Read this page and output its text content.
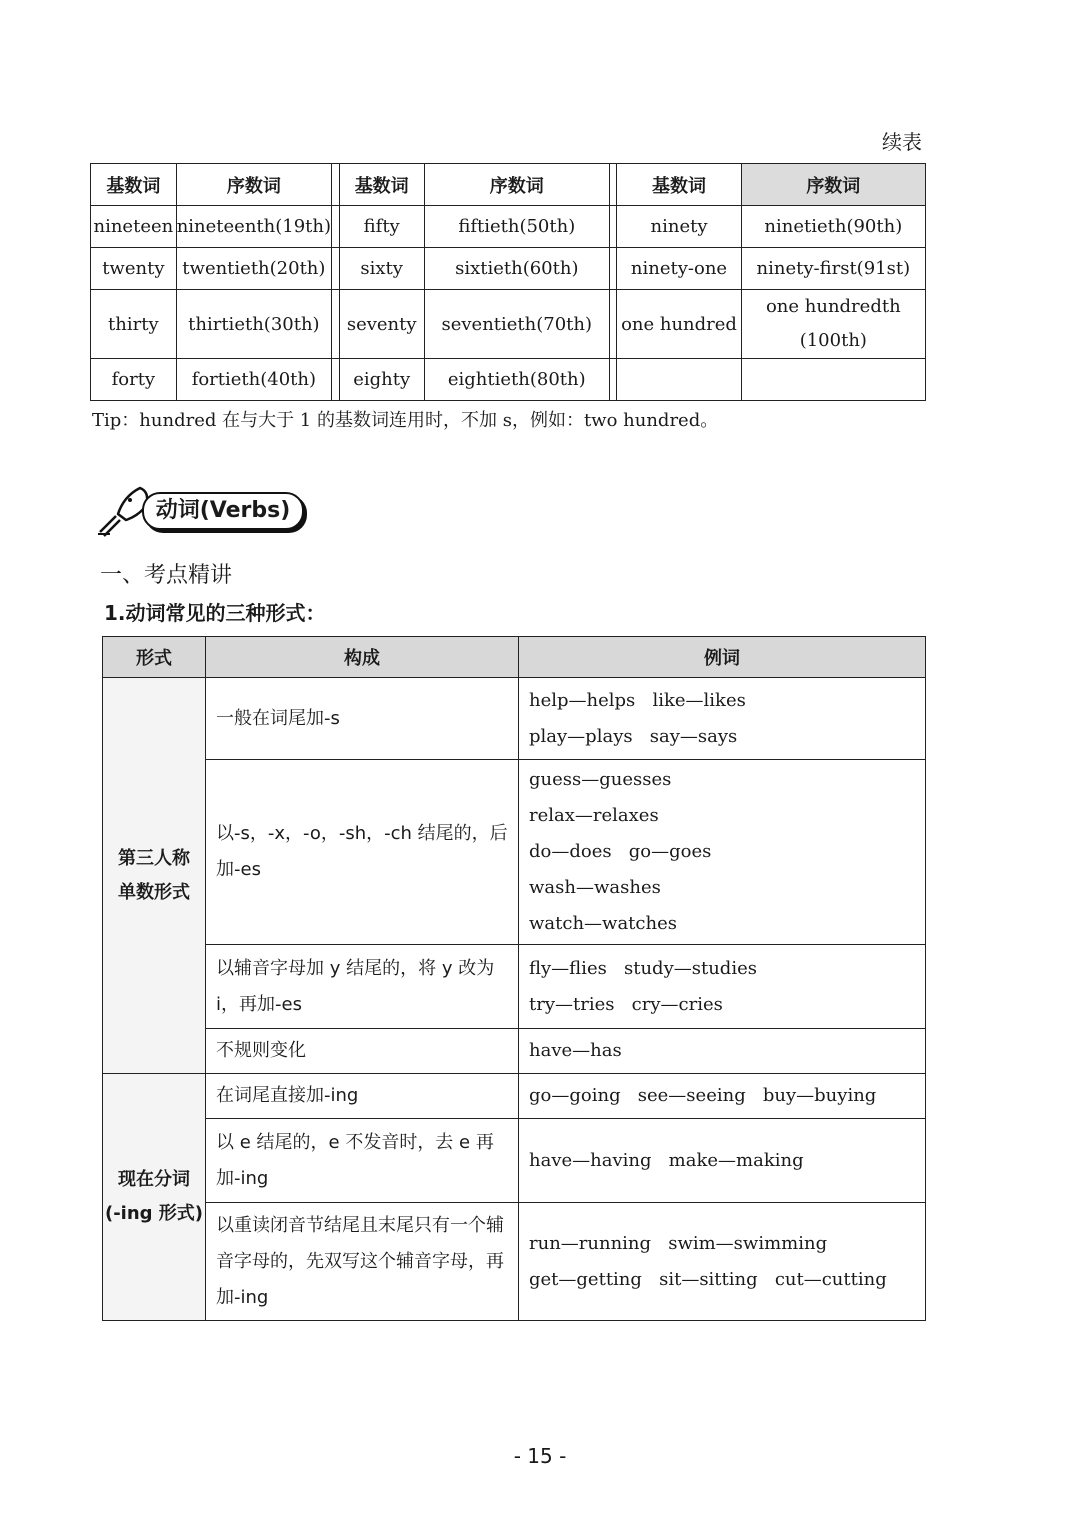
续表
基数词	序数词		基数词	序数词		基数词	序数词
nineteen	nineteenth(19th)		fifty	fiftieth(50th)		ninety	ninetieth(90th)
twenty	twentieth(20th)		sixty	sixtieth(60th)		ninety-one	ninety-first(91st)
thirty	thirtieth(30th)		seventy	seventieth(70th)		one hundred	one hundredth
(100th)

forty	fortieth(40th)		eighty	eightieth(80th)			
Tip：hundred 在与大于 1 的基数词连用时，不加 s，例如：two hundred。
动词(Verbs)
一、考点精讲
1.动词常见的三种形式：
形式	构成	例词

第三人称
单数形式	一般在词尾加-s	help—helps   like—likes
play—plays   say—says

	以-s，-x，-o，-sh，-ch 结尾的，后加-es	guess—guesses
relax—relaxes
do—does   go—goes
wash—washes
watch—watches

	以辅音字母加 y 结尾的，将 y 改为 i，再加-es	fly—flies   study—studies
try—tries   cry—cries

	不规则变化	have—has

现在分词
(-ing 形式)	在词尾直接加-ing	go—going   see—seeing   buy—buying

	以 e 结尾的，e 不发音时，去 e 再加-ing	have—having   make—making

	以重读闭音节结尾且末尾只有一个辅音字母的，先双写这个辅音字母，再加-ing	run—running   swim—swimming
get—getting   sit—sitting   cut—cutting
- 15 -
